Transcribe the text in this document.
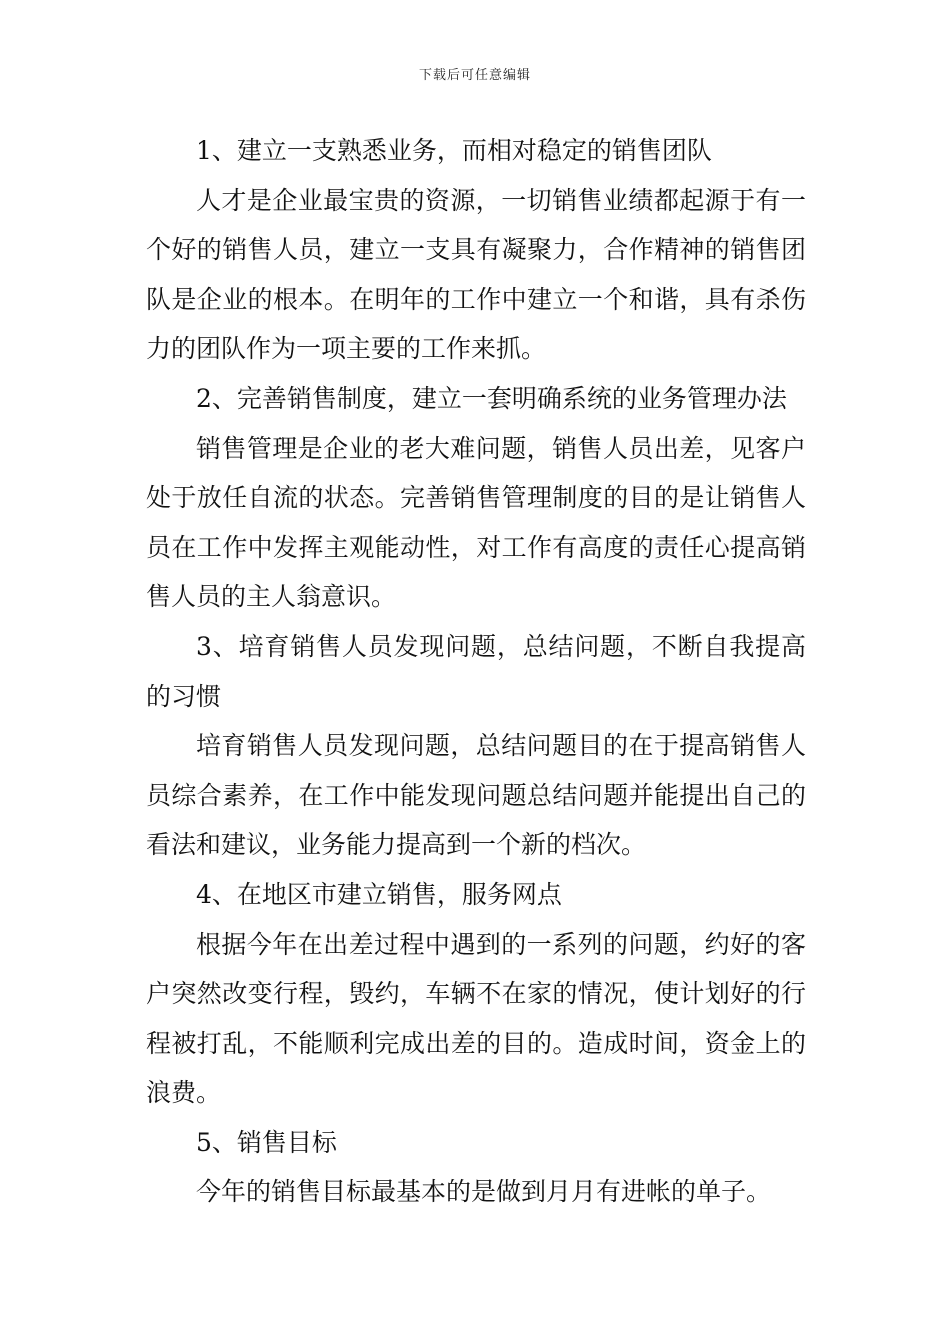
下载后可任意编辑

1、建立一支熟悉业务，而相对稳定的销售团队

人才是企业最宝贵的资源，一切销售业绩都起源于有一个好的销售人员，建立一支具有凝聚力，合作精神的销售团队是企业的根本。在明年的工作中建立一个和谐，具有杀伤力的团队作为一项主要的工作来抓。

2、完善销售制度，建立一套明确系统的业务管理办法

销售管理是企业的老大难问题，销售人员出差，见客户处于放任自流的状态。完善销售管理制度的目的是让销售人员在工作中发挥主观能动性，对工作有高度的责任心提高销售人员的主人翁意识。

3、培育销售人员发现问题，总结问题，不断自我提高的习惯

培育销售人员发现问题，总结问题目的在于提高销售人员综合素养，在工作中能发现问题总结问题并能提出自己的看法和建议，业务能力提高到一个新的档次。

4、在地区市建立销售，服务网点

根据今年在出差过程中遇到的一系列的问题，约好的客户突然改变行程，毁约，车辆不在家的情况，使计划好的行程被打乱，不能顺利完成出差的目的。造成时间，资金上的浪费。

5、销售目标

今年的销售目标最基本的是做到月月有进帐的单子。
